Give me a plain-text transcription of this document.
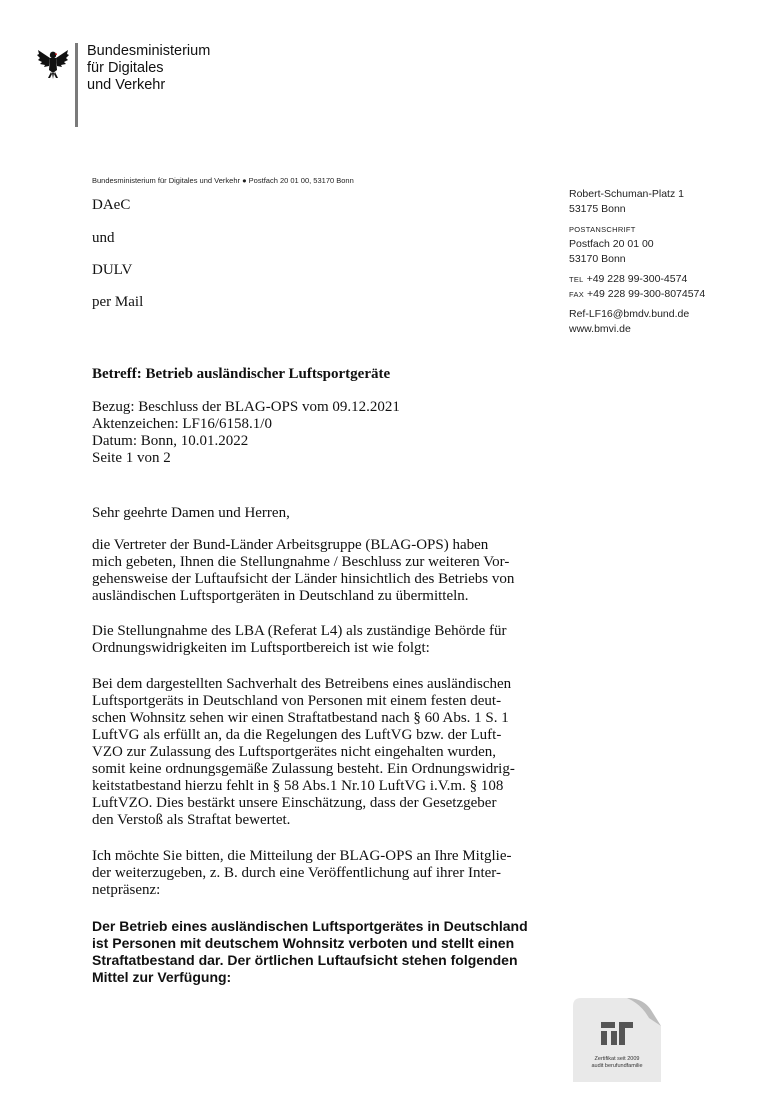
Bundesministerium
für Digitales
und Verkehr
Bundesministerium für Digitales und Verkehr ● Postfach 20 01 00, 53170 Bonn
DAeC
und
DULV
per Mail
Robert-Schuman-Platz 1
53175 Bonn
POSTANSCHRIFT
Postfach 20 01 00
53170 Bonn
TEL +49 228 99-300-4574
FAX +49 228 99-300-8074574
Ref-LF16@bmdv.bund.de
www.bmvi.de
Betreff: Betrieb ausländischer Luftsportgeräte
Bezug: Beschluss der BLAG-OPS vom 09.12.2021
Aktenzeichen: LF16/6158.1/0
Datum: Bonn, 10.01.2022
Seite 1 von 2
Sehr geehrte Damen und Herren,
die Vertreter der Bund-Länder Arbeitsgruppe (BLAG-OPS) haben
mich gebeten, Ihnen die Stellungnahme / Beschluss zur weiteren Vor-
gehensweise der Luftaufsicht der Länder hinsichtlich des Betriebs von
ausländischen Luftsportgeräten in Deutschland zu übermitteln.
Die Stellungnahme des LBA (Referat L4) als zuständige Behörde für
Ordnungswidrigkeiten im Luftsportbereich ist wie folgt:
Bei dem dargestellten Sachverhalt des Betreibens eines ausländischen
Luftsportgeräts in Deutschland von Personen mit einem festen deut-
schen Wohnsitz sehen wir einen Straftatbestand nach § 60 Abs. 1 S. 1
LuftVG als erfüllt an, da die Regelungen des LuftVG bzw. der Luft-
VZO zur Zulassung des Luftsportgerätes nicht eingehalten wurden,
somit keine ordnungsgemäße Zulassung besteht. Ein Ordnungswidrig-
keitstatbestand hierzu fehlt in § 58 Abs.1 Nr.10 LuftVG i.V.m. § 108
LuftVZO. Dies bestärkt unsere Einschätzung, dass der Gesetzgeber
den Verstoß als Straftat bewertet.
Ich möchte Sie bitten, die Mitteilung der BLAG-OPS an Ihre Mitglie-
der weiterzugeben, z. B. durch eine Veröffentlichung auf ihrer Inter-
netpräsenz:
Der Betrieb eines ausländischen Luftsportgerätes in Deutschland
ist Personen mit deutschem Wohnsitz verboten und stellt einen
Straftatbestand dar. Der örtlichen Luftaufsicht stehen folgenden
Mittel zur Verfügung:
Zertifikat seit 2009
audit berufundfamilie
